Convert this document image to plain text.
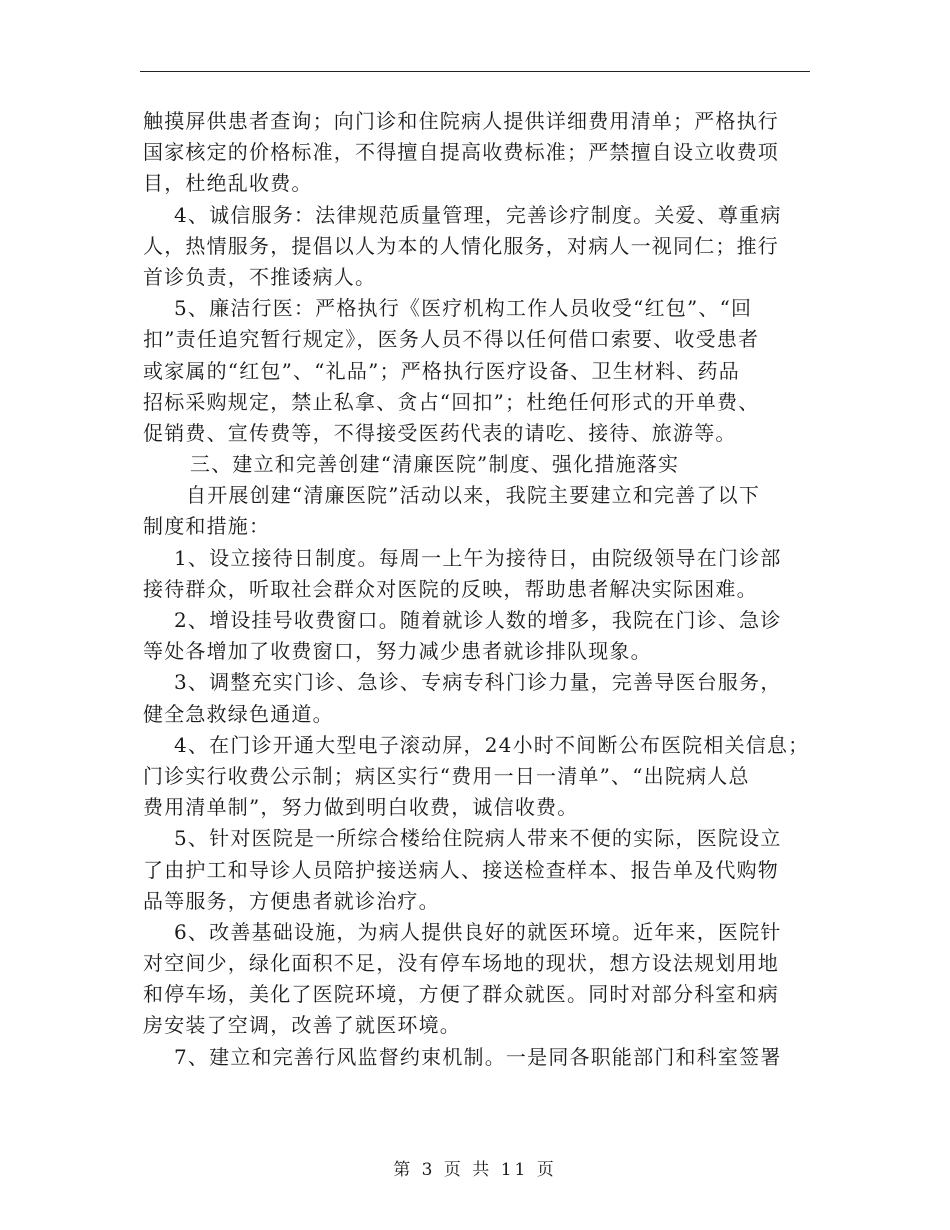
触摸屏供患者查询；向门诊和住院病人提供详细费用清单；严格执行
国家核定的价格标准，不得擅自提高收费标准；严禁擅自设立收费项
目，杜绝乱收费。
4、诚信服务：法律规范质量管理，完善诊疗制度。关爱、尊重病
人，热情服务，提倡以人为本的人情化服务，对病人一视同仁；推行
首诊负责，不推诿病人。
5、廉洁行医：严格执行《医疗机构工作人员收受“红包”、“回
扣”责任追究暂行规定》，医务人员不得以任何借口索要、收受患者
或家属的“红包”、“礼品”；严格执行医疗设备、卫生材料、药品
招标采购规定，禁止私拿、贪占“回扣”；杜绝任何形式的开单费、
促销费、宣传费等，不得接受医药代表的请吃、接待、旅游等。
三、建立和完善创建“清廉医院”制度、强化措施落实
自开展创建“清廉医院”活动以来，我院主要建立和完善了以下
制度和措施：
1、设立接待日制度。每周一上午为接待日，由院级领导在门诊部
接待群众，听取社会群众对医院的反映，帮助患者解决实际困难。
2、增设挂号收费窗口。随着就诊人数的增多，我院在门诊、急诊
等处各增加了收费窗口，努力减少患者就诊排队现象。
3、调整充实门诊、急诊、专病专科门诊力量，完善导医台服务，
健全急救绿色通道。
4、在门诊开通大型电子滚动屏，24小时不间断公布医院相关信息；
门诊实行收费公示制；病区实行“费用一日一清单”、“出院病人总
费用清单制”，努力做到明白收费，诚信收费。
5、针对医院是一所综合楼给住院病人带来不便的实际，医院设立
了由护工和导诊人员陪护接送病人、接送检查样本、报告单及代购物
品等服务，方便患者就诊治疗。
6、改善基础设施，为病人提供良好的就医环境。近年来，医院针
对空间少，绿化面积不足，没有停车场地的现状，想方设法规划用地
和停车场，美化了医院环境，方便了群众就医。同时对部分科室和病
房安装了空调，改善了就医环境。
7、建立和完善行风监督约束机制。一是同各职能部门和科室签署
第 3 页 共 11 页
